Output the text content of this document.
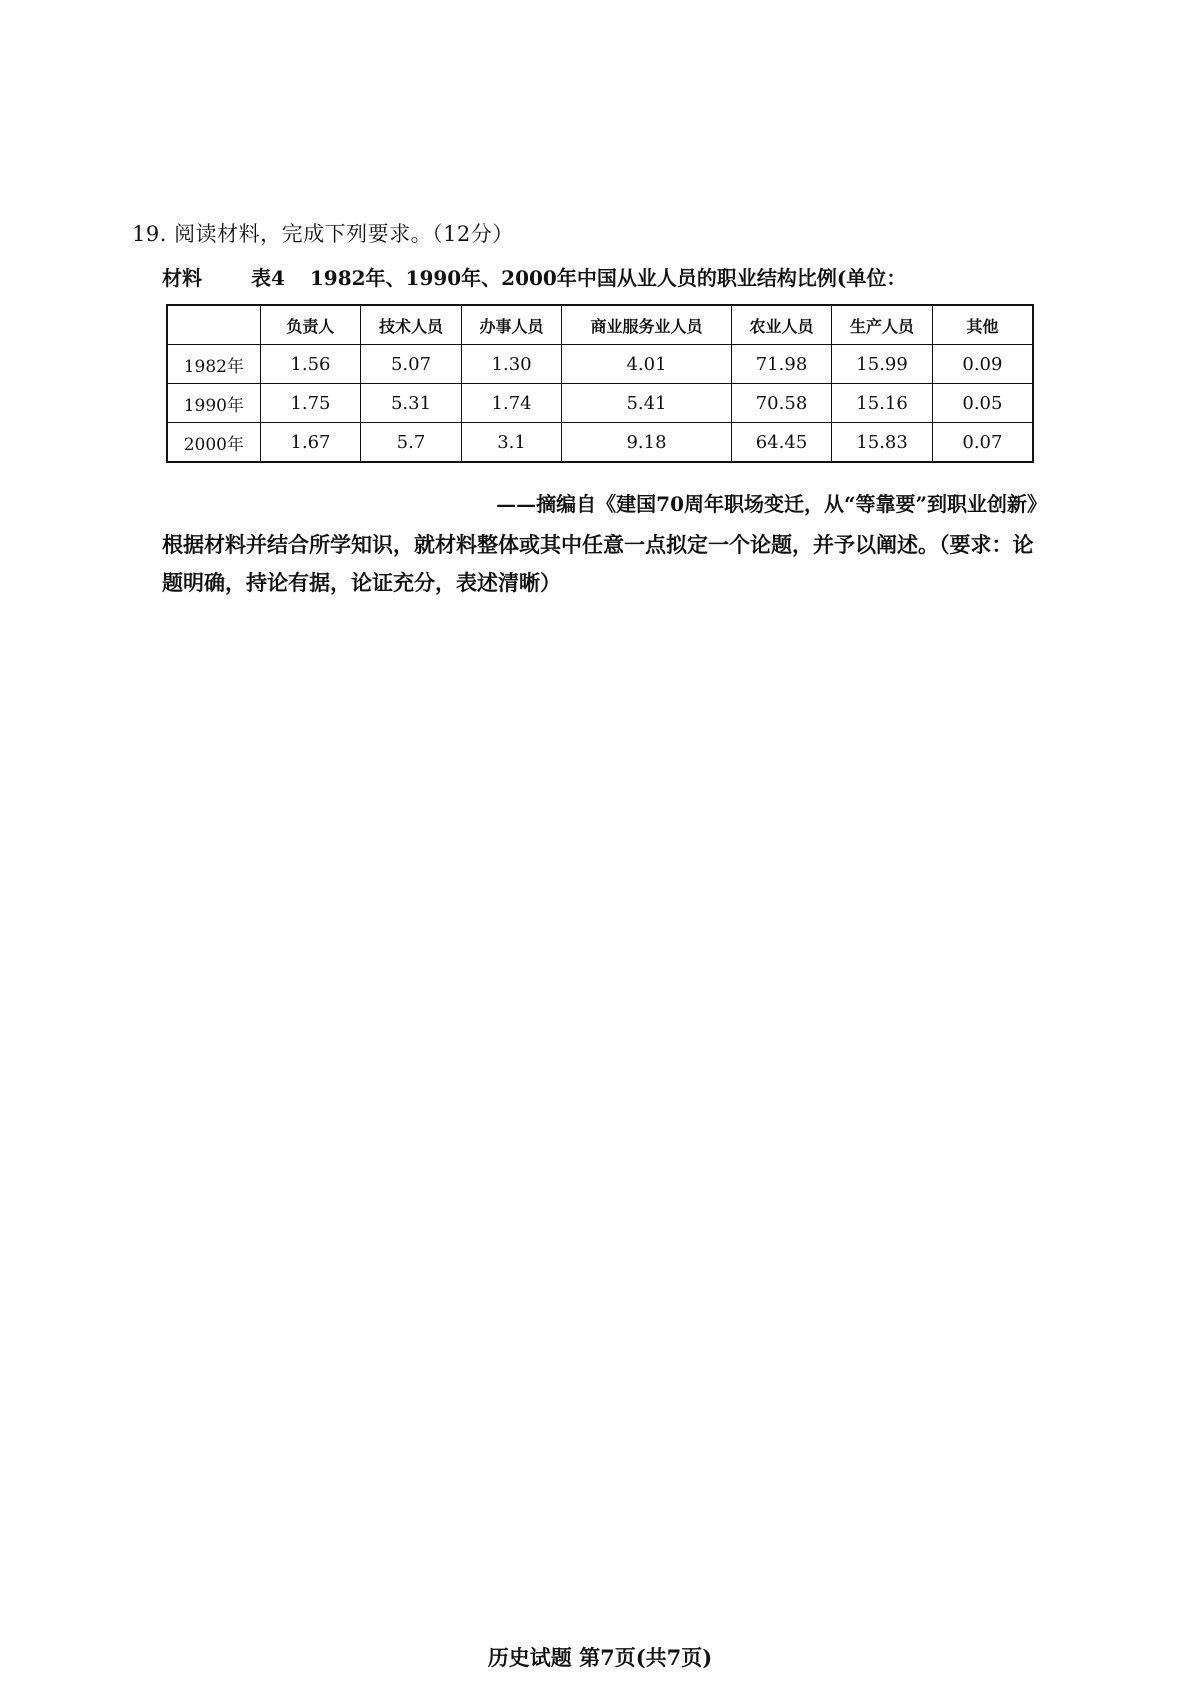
19. 阅读材料，完成下列要求。（12分）
材料 表4 1982年、1990年、2000年中国从业人员的职业结构比例(单位：
	负责人	技术人员	办事人员	商业服务业人员	农业人员	生产人员	其他
1982年	1.56	5.07	1.30	4.01	71.98	15.99	0.09
1990年	1.75	5.31	1.74	5.41	70.58	15.16	0.05
2000年	1.67	5.7	3.1	9.18	64.45	15.83	0.07
——摘编自《建国70周年职场变迁，从“等靠要”到职业创新》
根据材料并结合所学知识，就材料整体或其中任意一点拟定一个论题，并予以阐述。（要求：论题明确，持论有据，论证充分，表述清晰）
历史试题 第7页(共7页)
